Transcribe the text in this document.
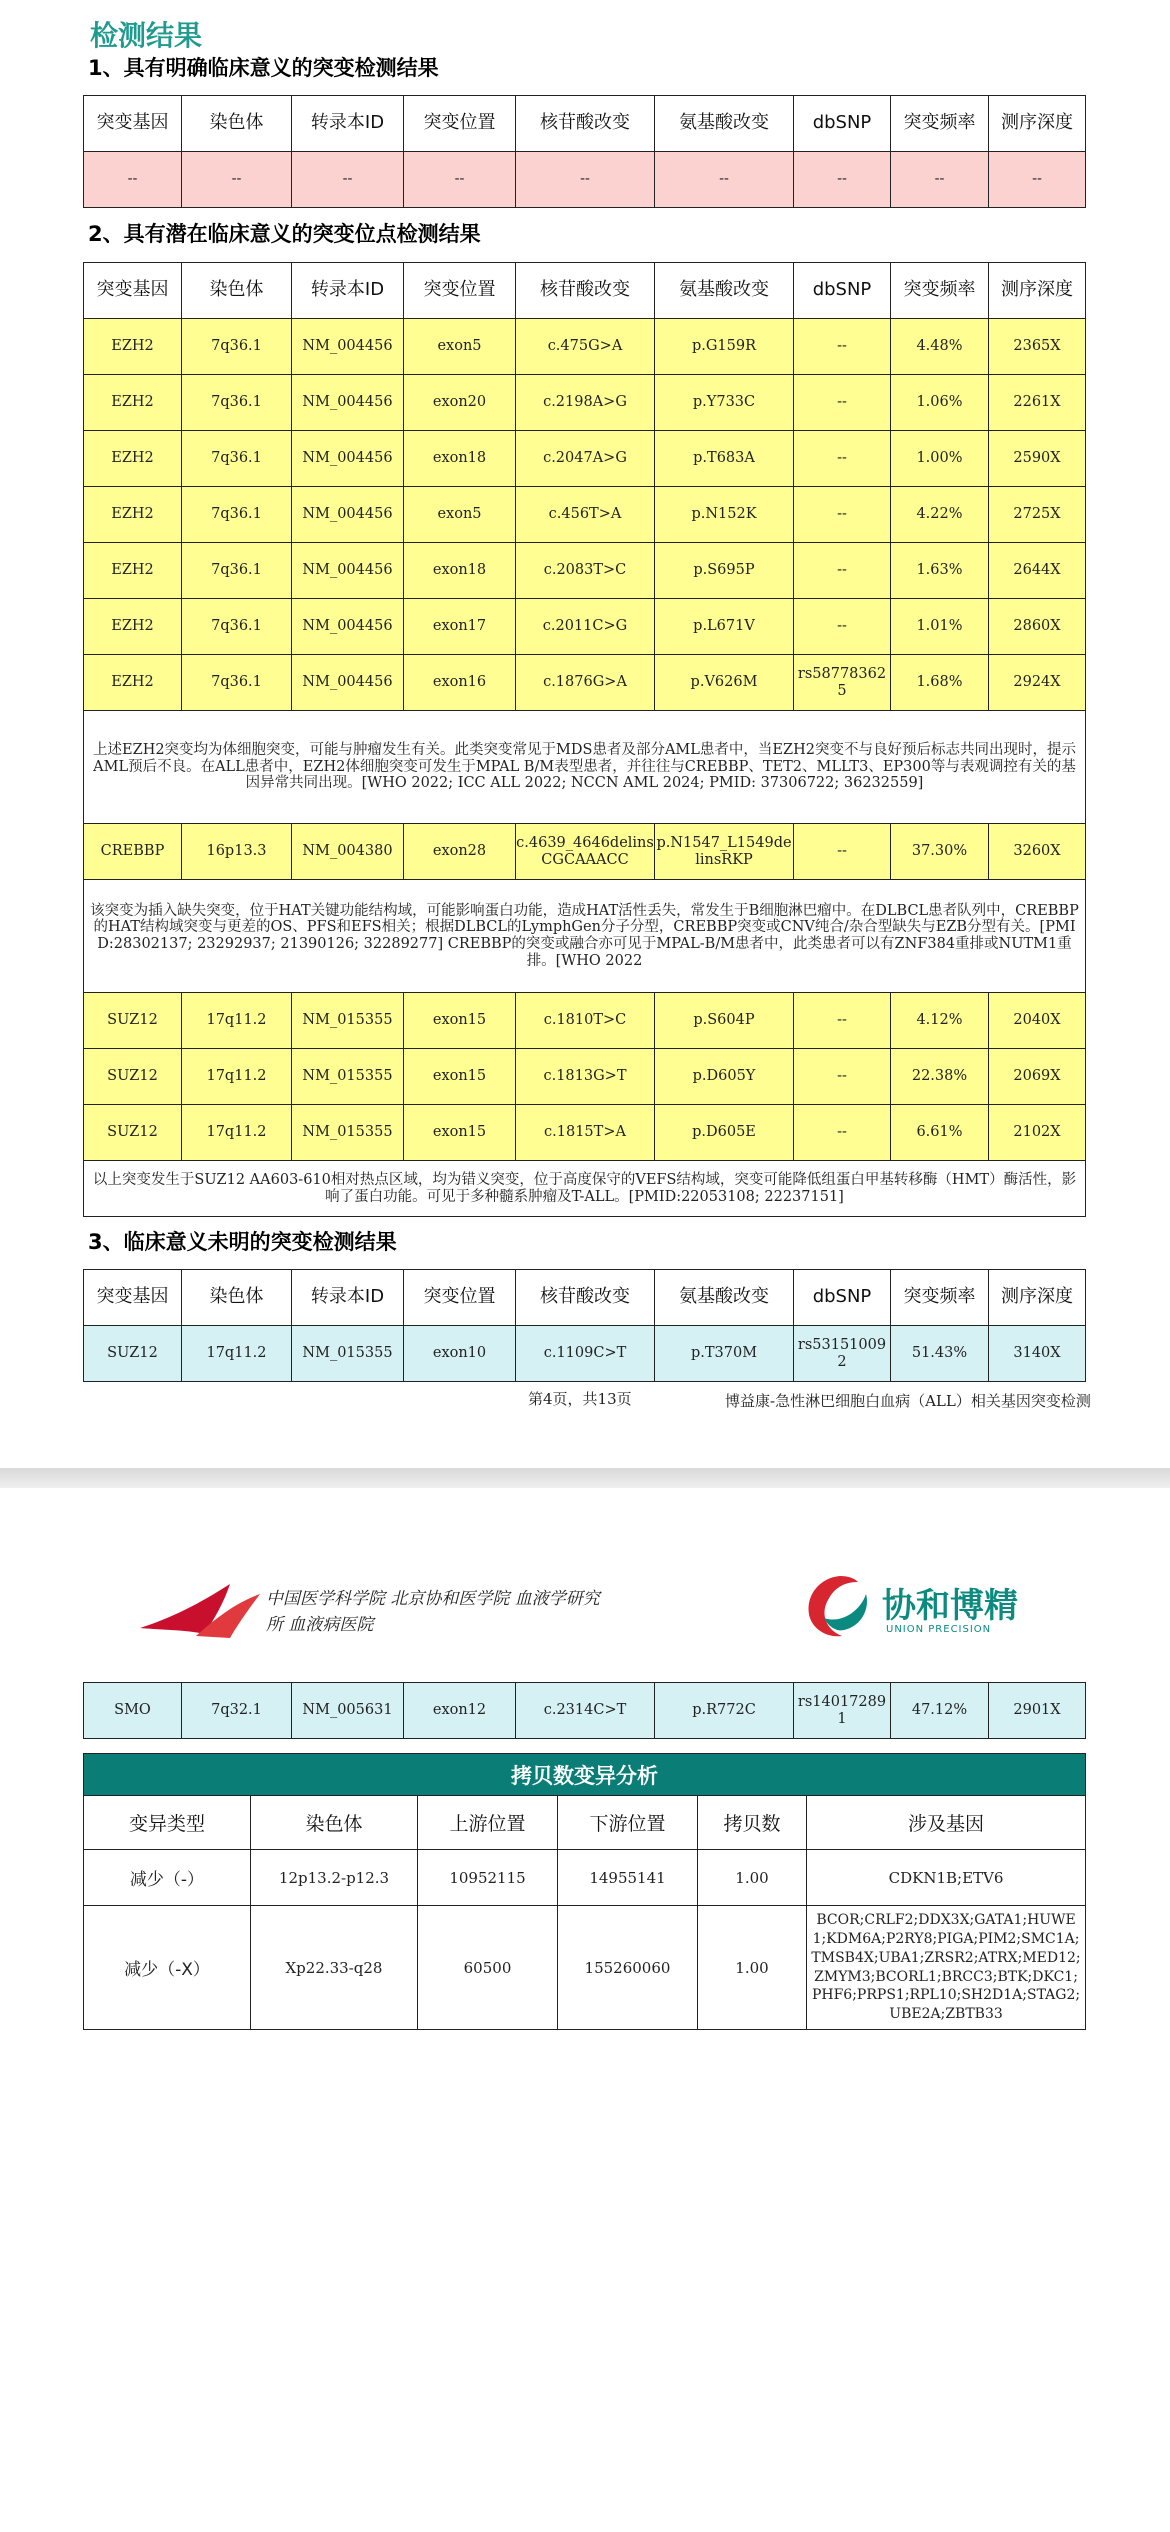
检测结果
1、具有明确临床意义的突变检测结果
突变基因	染色体	转录本ID	突变位置	核苷酸改变	氨基酸改变	dbSNP	突变频率	测序深度
--	--	--	--	--	--	--	--	--
2、具有潜在临床意义的突变位点检测结果
突变基因	染色体	转录本ID	突变位置	核苷酸改变	氨基酸改变	dbSNP	突变频率	测序深度
EZH2	7q36.1	NM_004456	exon5	c.475G>A	p.G159R	--	4.48%	2365X
EZH2	7q36.1	NM_004456	exon20	c.2198A>G	p.Y733C	--	1.06%	2261X
EZH2	7q36.1	NM_004456	exon18	c.2047A>G	p.T683A	--	1.00%	2590X
EZH2	7q36.1	NM_004456	exon5	c.456T>A	p.N152K	--	4.22%	2725X
EZH2	7q36.1	NM_004456	exon18	c.2083T>C	p.S695P	--	1.63%	2644X
EZH2	7q36.1	NM_004456	exon17	c.2011C>G	p.L671V	--	1.01%	2860X
EZH2	7q36.1	NM_004456	exon16	c.1876G>A	p.V626M	rs587783625	1.68%	2924X
上述EZH2突变均为体细胞突变，可能与肿瘤发生有关。此类突变常见于MDS患者及部分AML患者中，当EZH2突变不与良好预后标志共同出现时，提示AML预后不良。在ALL患者中，EZH2体细胞突变可发生于MPAL B/M表型患者，并往往与CREBBP、TET2、MLLT3、EP300等与表观调控有关的基因异常共同出现。[WHO 2022; ICC ALL 2022; NCCN AML 2024; PMID: 37306722; 36232559]								
CREBBP	16p13.3	NM_004380	exon28	c.4639_4646delinsCGCAAACC	p.N1547_L1549delinsRKP	--	37.30%	3260X
该突变为插入缺失突变，位于HAT关键功能结构域，可能影响蛋白功能，造成HAT活性丢失，常发生于B细胞淋巴瘤中。在DLBCL患者队列中，CREBBP的HAT结构域突变与更差的OS、PFS和EFS相关；根据DLBCL的LymphGen分子分型，CREBBP突变或CNV纯合/杂合型缺失与EZB分型有关。[PMID:28302137; 23292937; 21390126; 32289277] CREBBP的突变或融合亦可见于MPAL-B/M患者中，此类患者可以有ZNF384重排或NUTM1重排。[WHO 2022								
SUZ12	17q11.2	NM_015355	exon15	c.1810T>C	p.S604P	--	4.12%	2040X
SUZ12	17q11.2	NM_015355	exon15	c.1813G>T	p.D605Y	--	22.38%	2069X
SUZ12	17q11.2	NM_015355	exon15	c.1815T>A	p.D605E	--	6.61%	2102X
以上突变发生于SUZ12 AA603-610相对热点区域，均为错义突变，位于高度保守的VEFS结构域，突变可能降低组蛋白甲基转移酶（HMT）酶活性，影响了蛋白功能。可见于多种髓系肿瘤及T-ALL。[PMID:22053108; 22237151]								
3、临床意义未明的突变检测结果
突变基因	染色体	转录本ID	突变位置	核苷酸改变	氨基酸改变	dbSNP	突变频率	测序深度
SUZ12	17q11.2	NM_015355	exon10	c.1109C>T	p.T370M	rs531510092	51.43%	3140X
第4页，共13页	博益康-急性淋巴细胞白血病（ALL）相关基因突变检测
中国医学科学院 北京协和医学院 血液学研究所 血液病医院	协和博精
UNION PRECISION
SMO	7q32.1	NM_005631	exon12	c.2314C>T	p.R772C	rs140172891	47.12%	2901X
拷贝数变异分析					
变异类型	染色体	上游位置	下游位置	拷贝数	涉及基因
减少（-）	12p13.2-p12.3	10952115	14955141	1.00	CDKN1B;ETV6
减少（-X）	Xp22.33-q28	60500	155260060	1.00	BCOR;CRLF2;DDX3X;GATA1;HUWE1;KDM6A;P2RY8;PIGA;PIM2;SMC1A;TMSB4X;UBA1;ZRSR2;ATRX;MED12;ZMYM3;BCORL1;BRCC3;BTK;DKC1;PHF6;PRPS1;RPL10;SH2D1A;STAG2;UBE2A;ZBTB33
